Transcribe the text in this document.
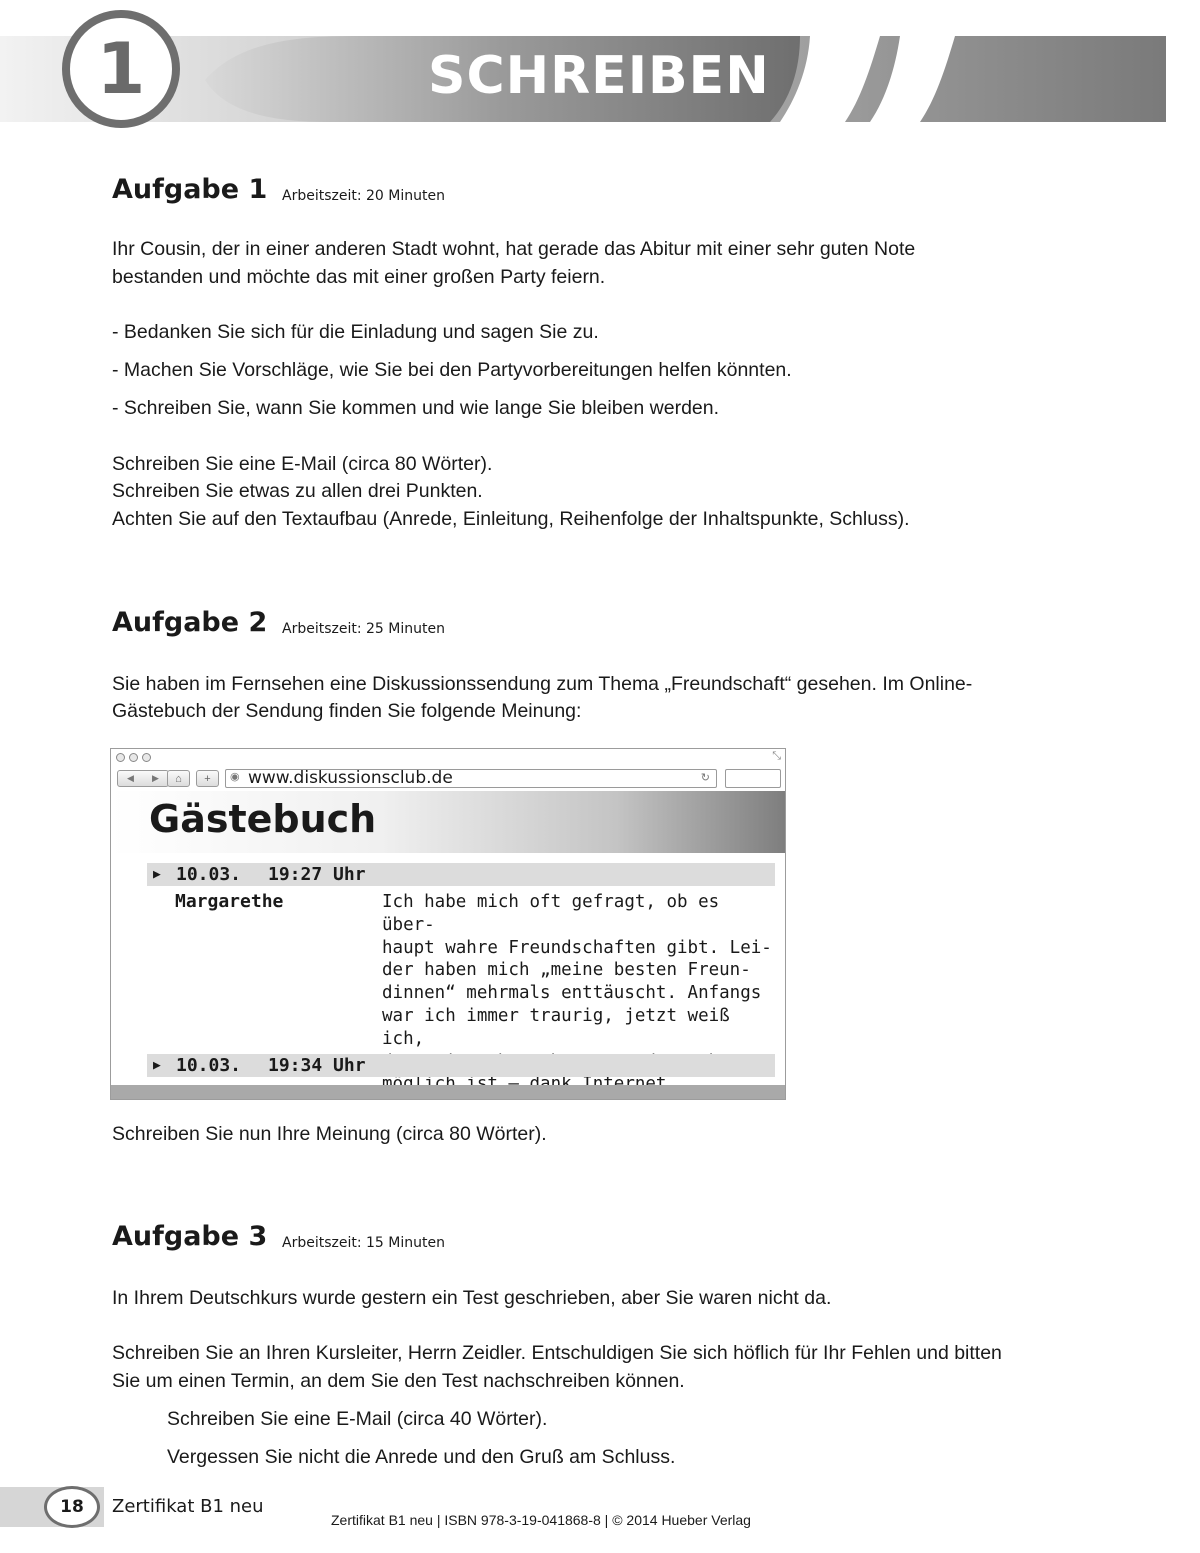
SCHREIBEN
1
Aufgabe 1 Arbeitszeit: 20 Minuten
Ihr Cousin, der in einer anderen Stadt wohnt, hat gerade das Abitur mit einer sehr guten Note bestanden und möchte das mit einer großen Party feiern.
- Bedanken Sie sich für die Einladung und sagen Sie zu.
- Machen Sie Vorschläge, wie Sie bei den Partyvorbereitungen helfen könnten.
- Schreiben Sie, wann Sie kommen und wie lange Sie bleiben werden.
Schreiben Sie eine E-Mail (circa 80 Wörter).
Schreiben Sie etwas zu allen drei Punkten.
Achten Sie auf den Textaufbau (Anrede, Einleitung, Reihenfolge der Inhaltspunkte, Schluss).
Aufgabe 2 Arbeitszeit: 25 Minuten
Sie haben im Fernsehen eine Diskussionssendung zum Thema „Freundschaft“ gesehen. Im Online-
Gästebuch der Sendung finden Sie folgende Meinung:
⤡
◀ ▶	⌂	+	◉ www.diskussionsclub.de	↻
Gästebuch
▶ 10.03. 19:27 Uhr
Margarethe	Ich habe mich oft gefragt, ob es über-
haupt wahre Freundschaften gibt. Lei-
der haben mich „meine besten Freun-
dinnen“ mehrmals enttäuscht. Anfangs
war ich immer traurig, jetzt weiß ich,
▶ 10.03. 19:34 Uhr
Schreiben Sie nun Ihre Meinung (circa 80 Wörter).
Aufgabe 3 Arbeitszeit: 15 Minuten
In Ihrem Deutschkurs wurde gestern ein Test geschrieben, aber Sie waren nicht da.
Schreiben Sie an Ihren Kursleiter, Herrn Zeidler. Entschuldigen Sie sich höflich für Ihr Fehlen und bitten Sie um einen Termin, an dem Sie den Test nachschreiben können.
Schreiben Sie eine E-Mail (circa 40 Wörter).
Vergessen Sie nicht die Anrede und den Gruß am Schluss.
18	Zertifikat B1 neu
Zertifikat B1 neu | ISBN 978-3-19-041868-8 | © 2014 Hueber Verlag
